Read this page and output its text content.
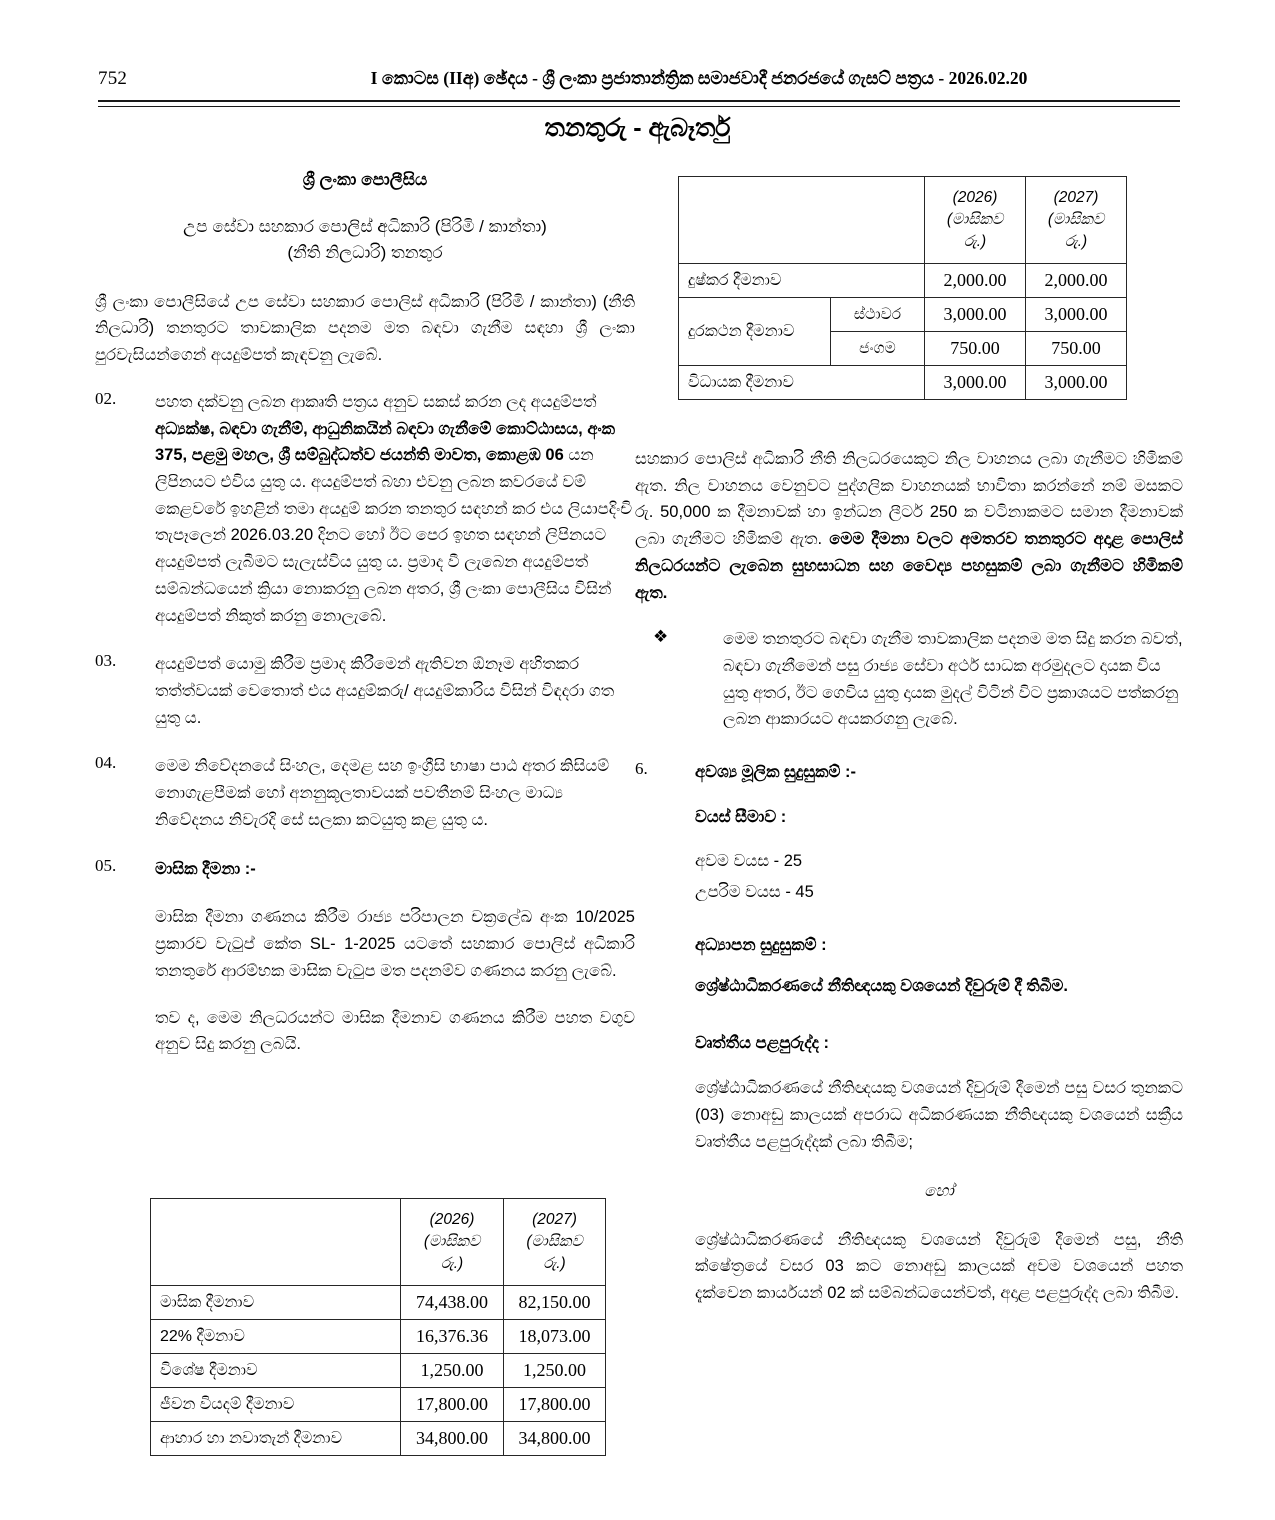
752	I කොටස (IIඅ) ඡේදය - ශ්‍රී ලංකා ප්‍රජාතාන්ත්‍රික සමාජවාදී ජනරජයේ ගැසට් පත්‍රය - 2026.02.20
තනතුරු - ඇබෑර්තු
ශ්‍රී ලංකා පොලීසිය
උප සේවා සහකාර පොලිස් අධිකාරි (පිරිමි / කාන්තා)
(නීති නිලධාරි) තනතුර

ශ්‍රී ලංකා පොලීසියේ උප සේවා සහකාර පොලිස් අධිකාරි (පිරිමි / කාන්තා) (නීති නිලධාරි) තනතුරට තාවකාලික පදනම මත බඳවා ගැනීම සඳහා ශ්‍රී ලංකා පුරවැසියන්ගෙන් අයදුම්පත් කැඳවනු ලැබේ.

02.	පහත දක්වනු ලබන ආකෘති පත්‍රය අනුව සකස් කරන ලද අයදුම්පත් අධ්‍යක්ෂ, බඳවා ගැනීම්, ආධුනිකයින් බඳවා ගැනීමේ කොට්ඨාසය, අංක 375, පළමු මහල, ශ්‍රී සම්බුද්ධත්ව ජයන්ති මාවත, කොළඹ 06 යන ලිපිනයට එවිය යුතු ය. අයදුම්පත් බහා එවනු ලබන කවරයේ වම් කෙළවරේ ඉහළින් තමා අයදුම් කරන තනතුර සඳහන් කර එය ලියාපදිංචි තැපෑලෙන් 2026.03.20 දිනට හෝ ඊට පෙර ඉහත සඳහන් ලිපිනයට අයදුම්පත් ලැබීමට සැලැස්විය යුතු ය. ප්‍රමාද වී ලැබෙන අයදුම්පත් සම්බන්ධයෙන් ක්‍රියා නොකරනු ලබන අතර, ශ්‍රී ලංකා පොලීසිය විසින් අයදුම්පත් නිකුත් කරනු නොලැබේ.
03.	අයදුම්පත් යොමු කිරීම ප්‍රමාද කිරීමෙන් ඇතිවන ඕනෑම අහිතකර තත්ත්වයක් වෙතොත් එය අයදුම්කරු/ අයදුම්කාරිය විසින් විඳදරා ගත යුතු ය.
04.	මෙම නිවේදනයේ සිංහල, දෙමළ සහ ඉංග්‍රීසි භාෂා පාඨ අතර කිසියම් නොගැළපීමක් හෝ අනනුකූලතාවයක් පවතීනම් සිංහල මාධ්‍ය නිවේදනය නිවැරදි සේ සලකා කටයුතු කළ යුතු ය.
05.	මාසික දීමනා :-
මාසික දීමනා ගණනය කිරීම රාජ්‍ය පරිපාලන චක්‍රලේඛ අංක 10/2025 ප්‍රකාරව වැටුප් කේත SL- 1-2025 යටතේ සහකාර පොලිස් අධිකාරි තනතුරේ ආරම්භක මාසික වැටුප මත පදනම්ව ගණනය කරනු ලැබේ.
තව ද, මෙම නිලධරයන්ට මාසික දීමනාව ගණනය කිරීම පහත වගුව අනුව සිදු කරනු ලබයි.
	(2026)
(මාසිකව
රු.)	(2027)
(මාසිකව
රු.)
මාසික දීමනාව	74,438.00	82,150.00
22% දීමනාව	16,376.36	18,073.00
විශේෂ දීමනාව	1,250.00	1,250.00
ජීවන වියදම් දීමනාව	17,800.00	17,800.00
ආහාර හා නවාතැන් දීමනාව	34,800.00	34,800.00
		(2026)
(මාසිකව
රු.)	(2027)
(මාසිකව
රු.)
දුෂ්කර දීමනාව		2,000.00	2,000.00
දුරකථන දීමනාව	ස්ථාවර	3,000.00	3,000.00
	ජංගම	750.00	750.00
විධායක දීමනාව		3,000.00	3,000.00

සහකාර පොලිස් අධිකාරි නීති නිලධරයෙකුට නිල වාහනය ලබා ගැනීමට හිමිකම් ඇත. නිල වාහනය වෙනුවට පුද්ගලික වාහනයක් භාවිතා කරන්නේ නම් මසකට රු. 50,000 ක දීමනාවක් හා ඉන්ධන ලීටර් 250 ක වටිනාකමට සමාන දීමනාවක් ලබා ගැනීමට හිමිකම් ඇත. මෙම දීමනා වලට අමතරව තනතුරට අදාළ පොලිස් නිලධරයන්ට ලැබෙන සුභසාධන සහ වෛද්‍ය පහසුකම් ලබා ගැනීමට හිමිකම් ඇත.

❖	මෙම තනතුරට බඳවා ගැනීම තාවකාලික පදනම මත සිදු කරන බවත්, බඳවා ගැනීමෙන් පසු රාජ්‍ය සේවා අර්ථ සාධක අරමුදලට දායක විය යුතු අතර, ඊට ගෙවිය යුතු දායක මුදල් විටින් විට ප්‍රකාශයට පත්කරනු ලබන ආකාරයට අයකරගනු ලැබේ.
6.	අවශ්‍ය මූලික සුදුසුකම් :-
වයස් සීමාව :
අවම වයස - 25
උපරිම වයස - 45
අධ්‍යාපන සුදුසුකම් :
ශ්‍රේෂ්ඨාධිකරණයේ නීතිඥයකු වශයෙන් දිවුරුම් දී තිබීම.
වෘත්තීය පළපුරුද්ද :

ශ්‍රේෂ්ඨාධිකරණයේ නීතිඥයකු වශයෙන් දිවුරුම් දීමෙන් පසු වසර තුනකට (03) නොඅඩු කාලයක් අපරාධ අධිකරණයක නීතිඥයකු වශයෙන් සක්‍රීය වෘත්තීය පළපුරුද්දක් ලබා තිබීම;

හෝ

ශ්‍රේෂ්ඨාධිකරණයේ නීතිඥයකු වශයෙන් දිවුරුම් දීමෙන් පසු, නීති ක්ෂේත්‍රයේ වසර 03 කට නොඅඩු කාලයක් අවම වශයෙන් පහත දැක්වෙන කාර්යයන් 02 ක් සම්බන්ධයෙන්වත්, අදාළ පළපුරුද්ද ලබා තිබීම.
